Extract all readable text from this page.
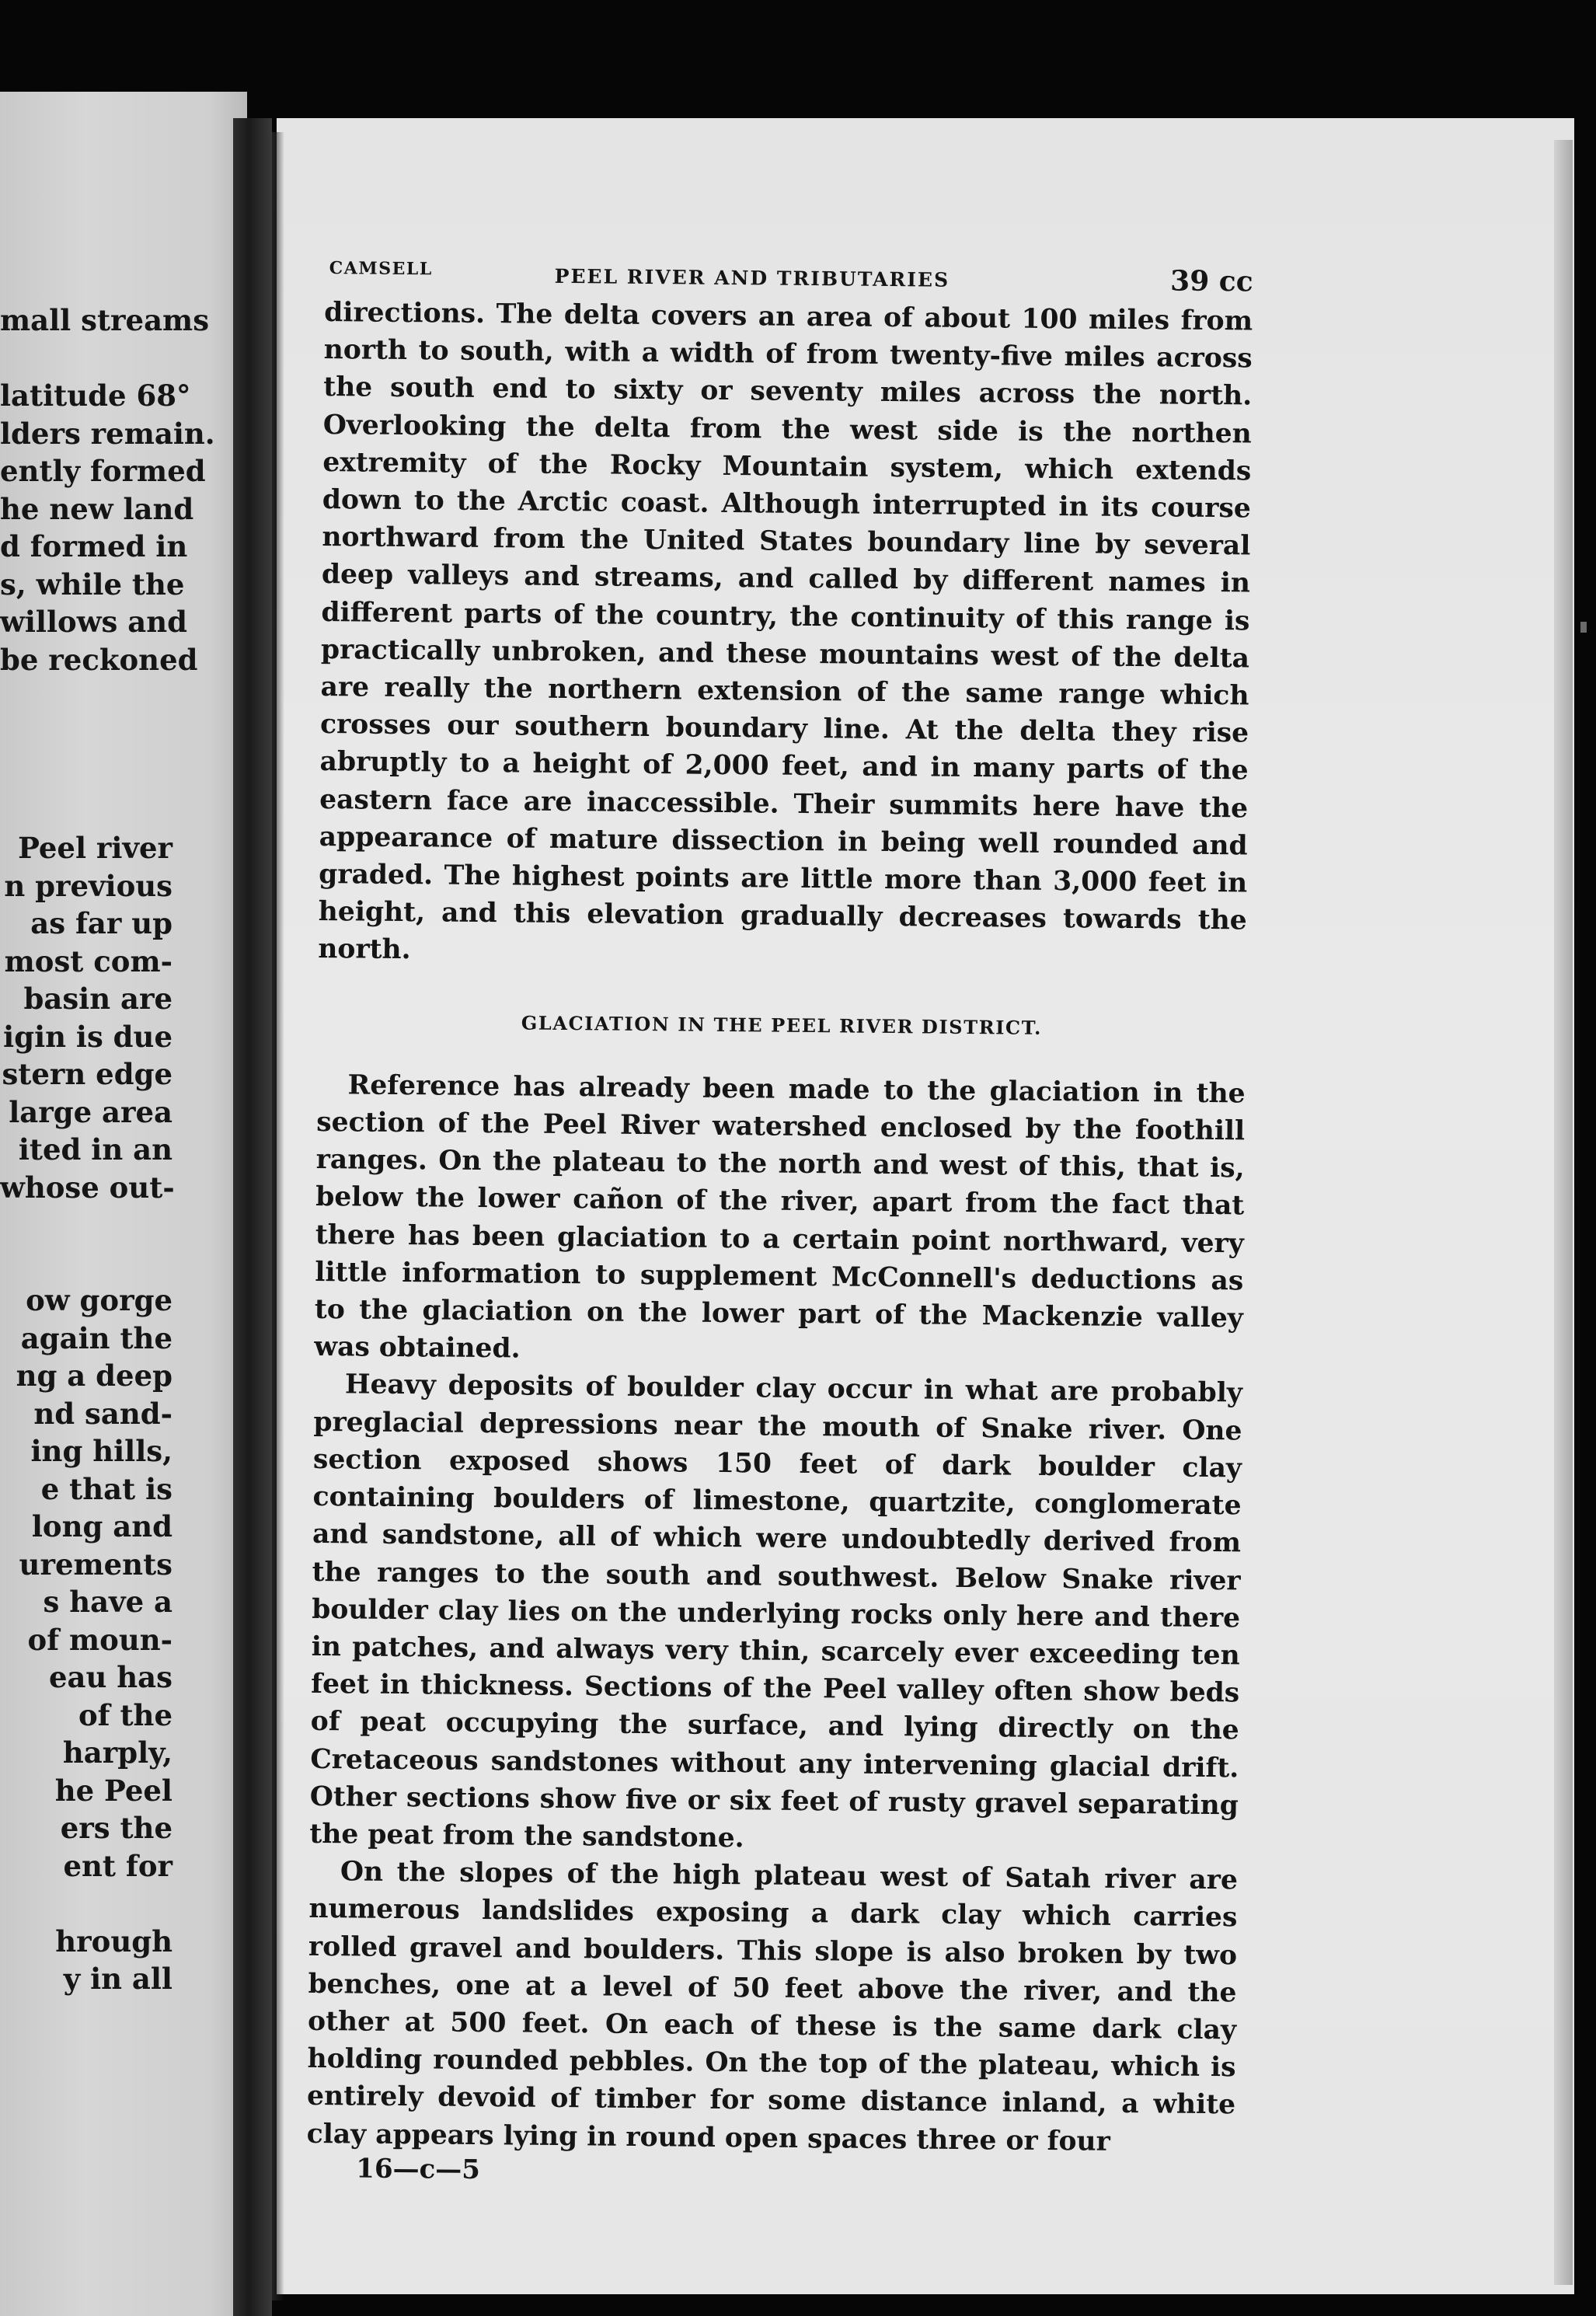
mall streams
latitude 68°
lders remain.
ently formed
he new land
d formed in
s, while the
willows and
be reckoned
Peel river
n previous
as far up
most com-
basin are
igin is due
stern edge
large area
ited in an
whose out-
ow gorge
again the
ng a deep
nd sand-
ing hills,
e that is
long and
urements
s have a
of moun-
eau has
of the
harply,
he Peel
ers the
ent for
hrough
y in all
CAMSELL	PEEL RIVER AND TRIBUTARIES	39 cc

directions. The delta covers an area of about 100 miles from north to south, with a width of from twenty-five miles across the south end to sixty or seventy miles across the north. Overlooking the delta from the west side is the northen extremity of the Rocky Mountain system, which extends down to the Arctic coast. Although interrupted in its course northward from the United States boundary line by several deep valleys and streams, and called by different names in different parts of the country, the continuity of this range is practically unbroken, and these mountains west of the delta are really the northern extension of the same range which crosses our southern boundary line. At the delta they rise abruptly to a height of 2,000 feet, and in many parts of the eastern face are inaccessible. Their summits here have the appearance of mature dissection in being well rounded and graded. The highest points are little more than 3,000 feet in height, and this elevation gradually decreases towards the north.

GLACIATION IN THE PEEL RIVER DISTRICT.

Reference has already been made to the glaciation in the section of the Peel River watershed enclosed by the foothill ranges. On the plateau to the north and west of this, that is, below the lower cañon of the river, apart from the fact that there has been glaciation to a certain point northward, very little information to supplement McConnell's deductions as to the glaciation on the lower part of the Mackenzie valley was obtained.

Heavy deposits of boulder clay occur in what are probably preglacial depressions near the mouth of Snake river. One section exposed shows 150 feet of dark boulder clay containing boulders of limestone, quartzite, conglomerate and sandstone, all of which were undoubtedly derived from the ranges to the south and southwest. Below Snake river boulder clay lies on the underlying rocks only here and there in patches, and always very thin, scarcely ever exceeding ten feet in thickness. Sections of the Peel valley often show beds of peat occupying the surface, and lying directly on the Cretaceous sandstones without any intervening glacial drift. Other sections show five or six feet of rusty gravel separating the peat from the sandstone.

On the slopes of the high plateau west of Satah river are numerous landslides exposing a dark clay which carries rolled gravel and boulders. This slope is also broken by two benches, one at a level of 50 feet above the river, and the other at 500 feet. On each of these is the same dark clay holding rounded pebbles. On the top of the plateau, which is entirely devoid of timber for some distance inland, a white clay appears lying in round open spaces three or four

16—c—5
